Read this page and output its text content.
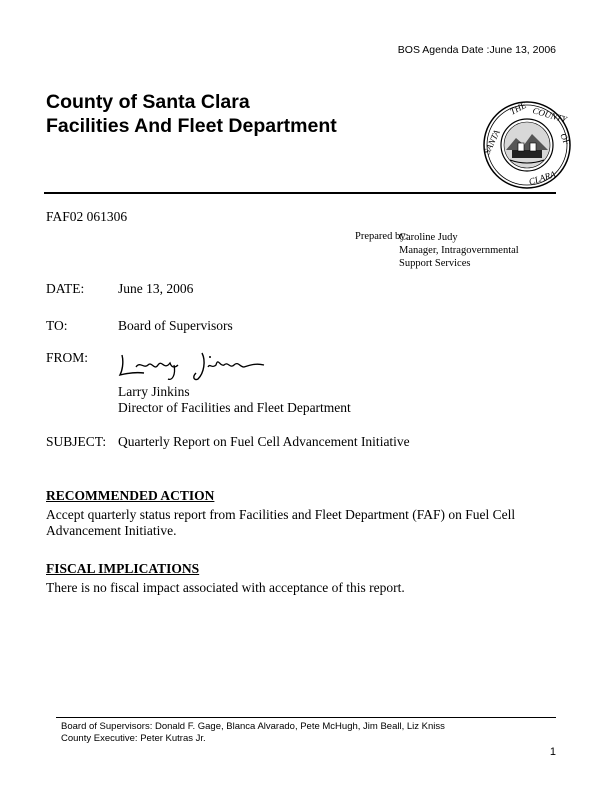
BOS Agenda Date :June 13, 2006
County of Santa Clara
Facilities And Fleet Department
THE COUNTY
OF
SANTA
CLARA
FAF02 061306
Prepared by:
Caroline Judy
Manager, Intragovernmental
Support Services
DATE:	June 13, 2006
TO:	Board of Supervisors
FROM:
Larry Jinkins
Director of Facilities and Fleet Department
SUBJECT: Quarterly Report on Fuel Cell Advancement Initiative
RECOMMENDED ACTION
Accept quarterly status report from Facilities and Fleet Department (FAF) on Fuel Cell Advancement Initiative.
FISCAL IMPLICATIONS
There is no fiscal impact associated with acceptance of this report.
Board of Supervisors: Donald F. Gage, Blanca Alvarado, Pete McHugh, Jim Beall, Liz Kniss
County Executive: Peter Kutras Jr.
1
